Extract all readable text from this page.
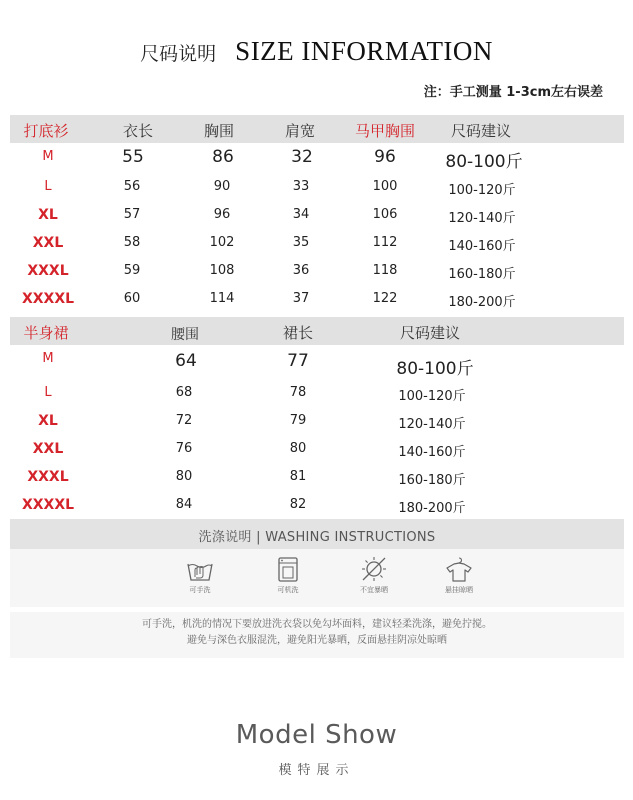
尺码说明 SIZE INFORMATION
注：手工测量 1-3cm左右误差
打底衫	衣长	胸围	肩宽	马甲胸围 尺码建议
M	55	86	32	96	80-100斤
L	56	90	33	100	100-120斤
XL	57	96	34	106	120-140斤
XXL	58	102	35	112	140-160斤
XXXL	59	108	36	118	160-180斤
XXXXL	60	114	37	122	180-200斤
半身裙	腰围	裙长	尺码建议
M	64	77	80-100斤
L	68	78	100-120斤
XL	72	79	120-140斤
XXL	76	80	140-160斤
XXXL	80	81	160-180斤
XXXXL	84	82	180-200斤
洗涤说明 | WASHING INSTRUCTIONS
可手洗	可机洗	不宜暴晒	悬挂晾晒
可手洗，机洗的情况下要放进洗衣袋以免勾坏面料，建议轻柔洗涤，避免拧搅。
避免与深色衣服混洗，避免阳光暴晒，反面悬挂阴凉处晾晒
Model Show
模特展示
